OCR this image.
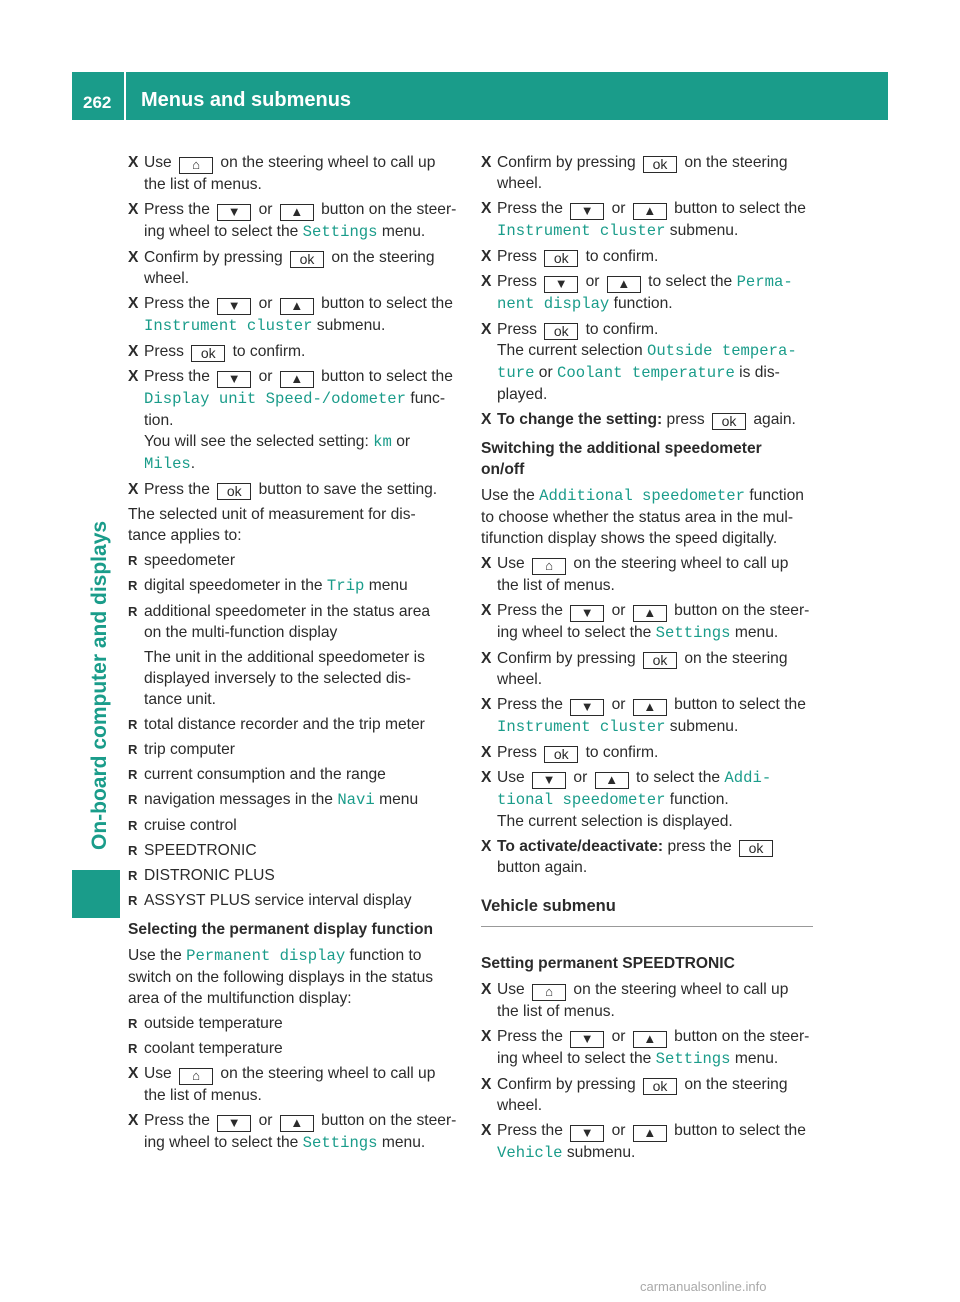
262 Menus and submenus
On-board computer and displays
X Use ⌂ on the steering wheel to call up
the list of menus.
X Press the ▼ or ▲ button on the steer-
ing wheel to select the Settings menu.
X Confirm by pressing ok on the steering
wheel.
X Press the ▼ or ▲ button to select the
Instrument cluster submenu.
X Press ok to confirm.
X Press the ▼ or ▲ button to select the
Display unit Speed-/odometer func-
tion.
You will see the selected setting: km or
Miles.
X Press the ok button to save the setting.
The selected unit of measurement for dis-
tance applies to:
R speedometer
R digital speedometer in the Trip menu
R additional speedometer in the status area
on the multi-function display
The unit in the additional speedometer is
displayed inversely to the selected dis-
tance unit.
R total distance recorder and the trip meter
R trip computer
R current consumption and the range
R navigation messages in the Navi menu
R cruise control
R SPEEDTRONIC
R DISTRONIC PLUS
R ASSYST PLUS service interval display
Selecting the permanent display function
Use the Permanent display function to
switch on the following displays in the status
area of the multifunction display:
R outside temperature
R coolant temperature
X Use ⌂ on the steering wheel to call up
the list of menus.
X Press the ▼ or ▲ button on the steer-
ing wheel to select the Settings menu.
X Confirm by pressing ok on the steering
wheel.
X Press the ▼ or ▲ button to select the
Instrument cluster submenu.
X Press ok to confirm.
X Press ▼ or ▲ to select the Perma‐
nent display function.
X Press ok to confirm.
The current selection Outside tempera‐
ture or Coolant temperature is dis-
played.
X To change the setting: press ok again.
Switching the additional speedometer
on/off
Use the Additional speedometer function
to choose whether the status area in the mul-
tifunction display shows the speed digitally.
X Use ⌂ on the steering wheel to call up
the list of menus.
X Press the ▼ or ▲ button on the steer-
ing wheel to select the Settings menu.
X Confirm by pressing ok on the steering
wheel.
X Press the ▼ or ▲ button to select the
Instrument cluster submenu.
X Press ok to confirm.
X Use ▼ or ▲ to select the Addi‐
tional speedometer function.
The current selection is displayed.
X To activate/deactivate: press the ok
button again.
Vehicle submenu
Setting permanent SPEEDTRONIC
X Use ⌂ on the steering wheel to call up
the list of menus.
X Press the ▼ or ▲ button on the steer-
ing wheel to select the Settings menu.
X Confirm by pressing ok on the steering
wheel.
X Press the ▼ or ▲ button to select the
Vehicle submenu.
carmanualsonline.info
